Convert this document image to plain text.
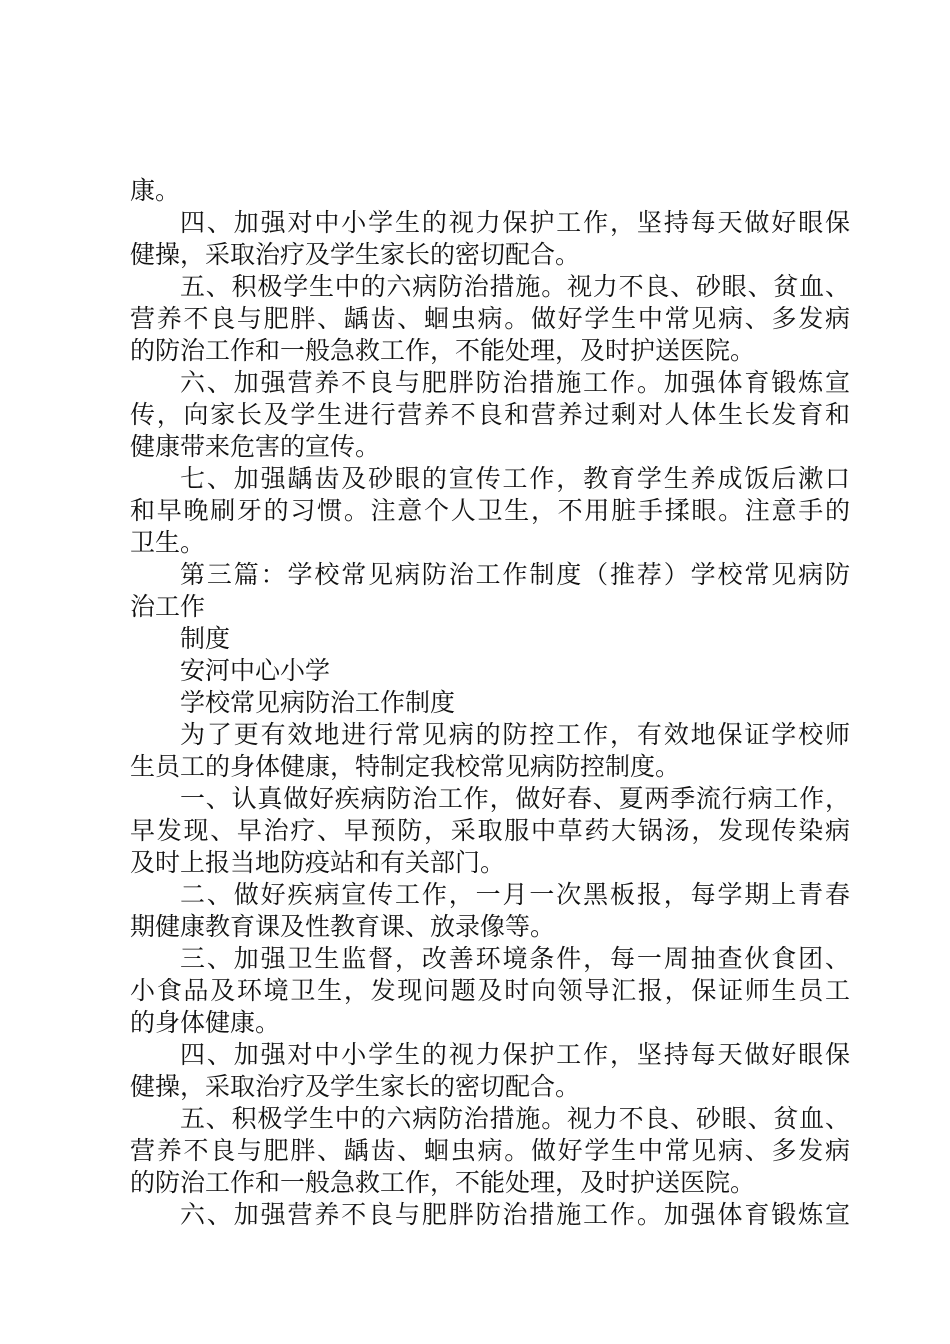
康。
四、加强对中小学生的视力保护工作，坚持每天做好眼保
健操，采取治疗及学生家长的密切配合。
五、积极学生中的六病防治措施。视力不良、砂眼、贫血、
营养不良与肥胖、龋齿、蛔虫病。做好学生中常见病、多发病
的防治工作和一般急救工作，不能处理，及时护送医院。
六、加强营养不良与肥胖防治措施工作。加强体育锻炼宣
传，向家长及学生进行营养不良和营养过剩对人体生长发育和
健康带来危害的宣传。
七、加强龋齿及砂眼的宣传工作，教育学生养成饭后漱口
和早晚刷牙的习惯。注意个人卫生，不用脏手揉眼。注意手的
卫生。
第三篇：学校常见病防治工作制度（推荐）学校常见病防
治工作
制度
安河中心小学
学校常见病防治工作制度
为了更有效地进行常见病的防控工作，有效地保证学校师
生员工的身体健康，特制定我校常见病防控制度。
一、认真做好疾病防治工作，做好春、夏两季流行病工作，
早发现、早治疗、早预防，采取服中草药大锅汤，发现传染病
及时上报当地防疫站和有关部门。
二、做好疾病宣传工作，一月一次黑板报，每学期上青春
期健康教育课及性教育课、放录像等。
三、加强卫生监督，改善环境条件，每一周抽查伙食团、
小食品及环境卫生，发现问题及时向领导汇报，保证师生员工
的身体健康。
四、加强对中小学生的视力保护工作，坚持每天做好眼保
健操，采取治疗及学生家长的密切配合。
五、积极学生中的六病防治措施。视力不良、砂眼、贫血、
营养不良与肥胖、龋齿、蛔虫病。做好学生中常见病、多发病
的防治工作和一般急救工作，不能处理，及时护送医院。
六、加强营养不良与肥胖防治措施工作。加强体育锻炼宣
